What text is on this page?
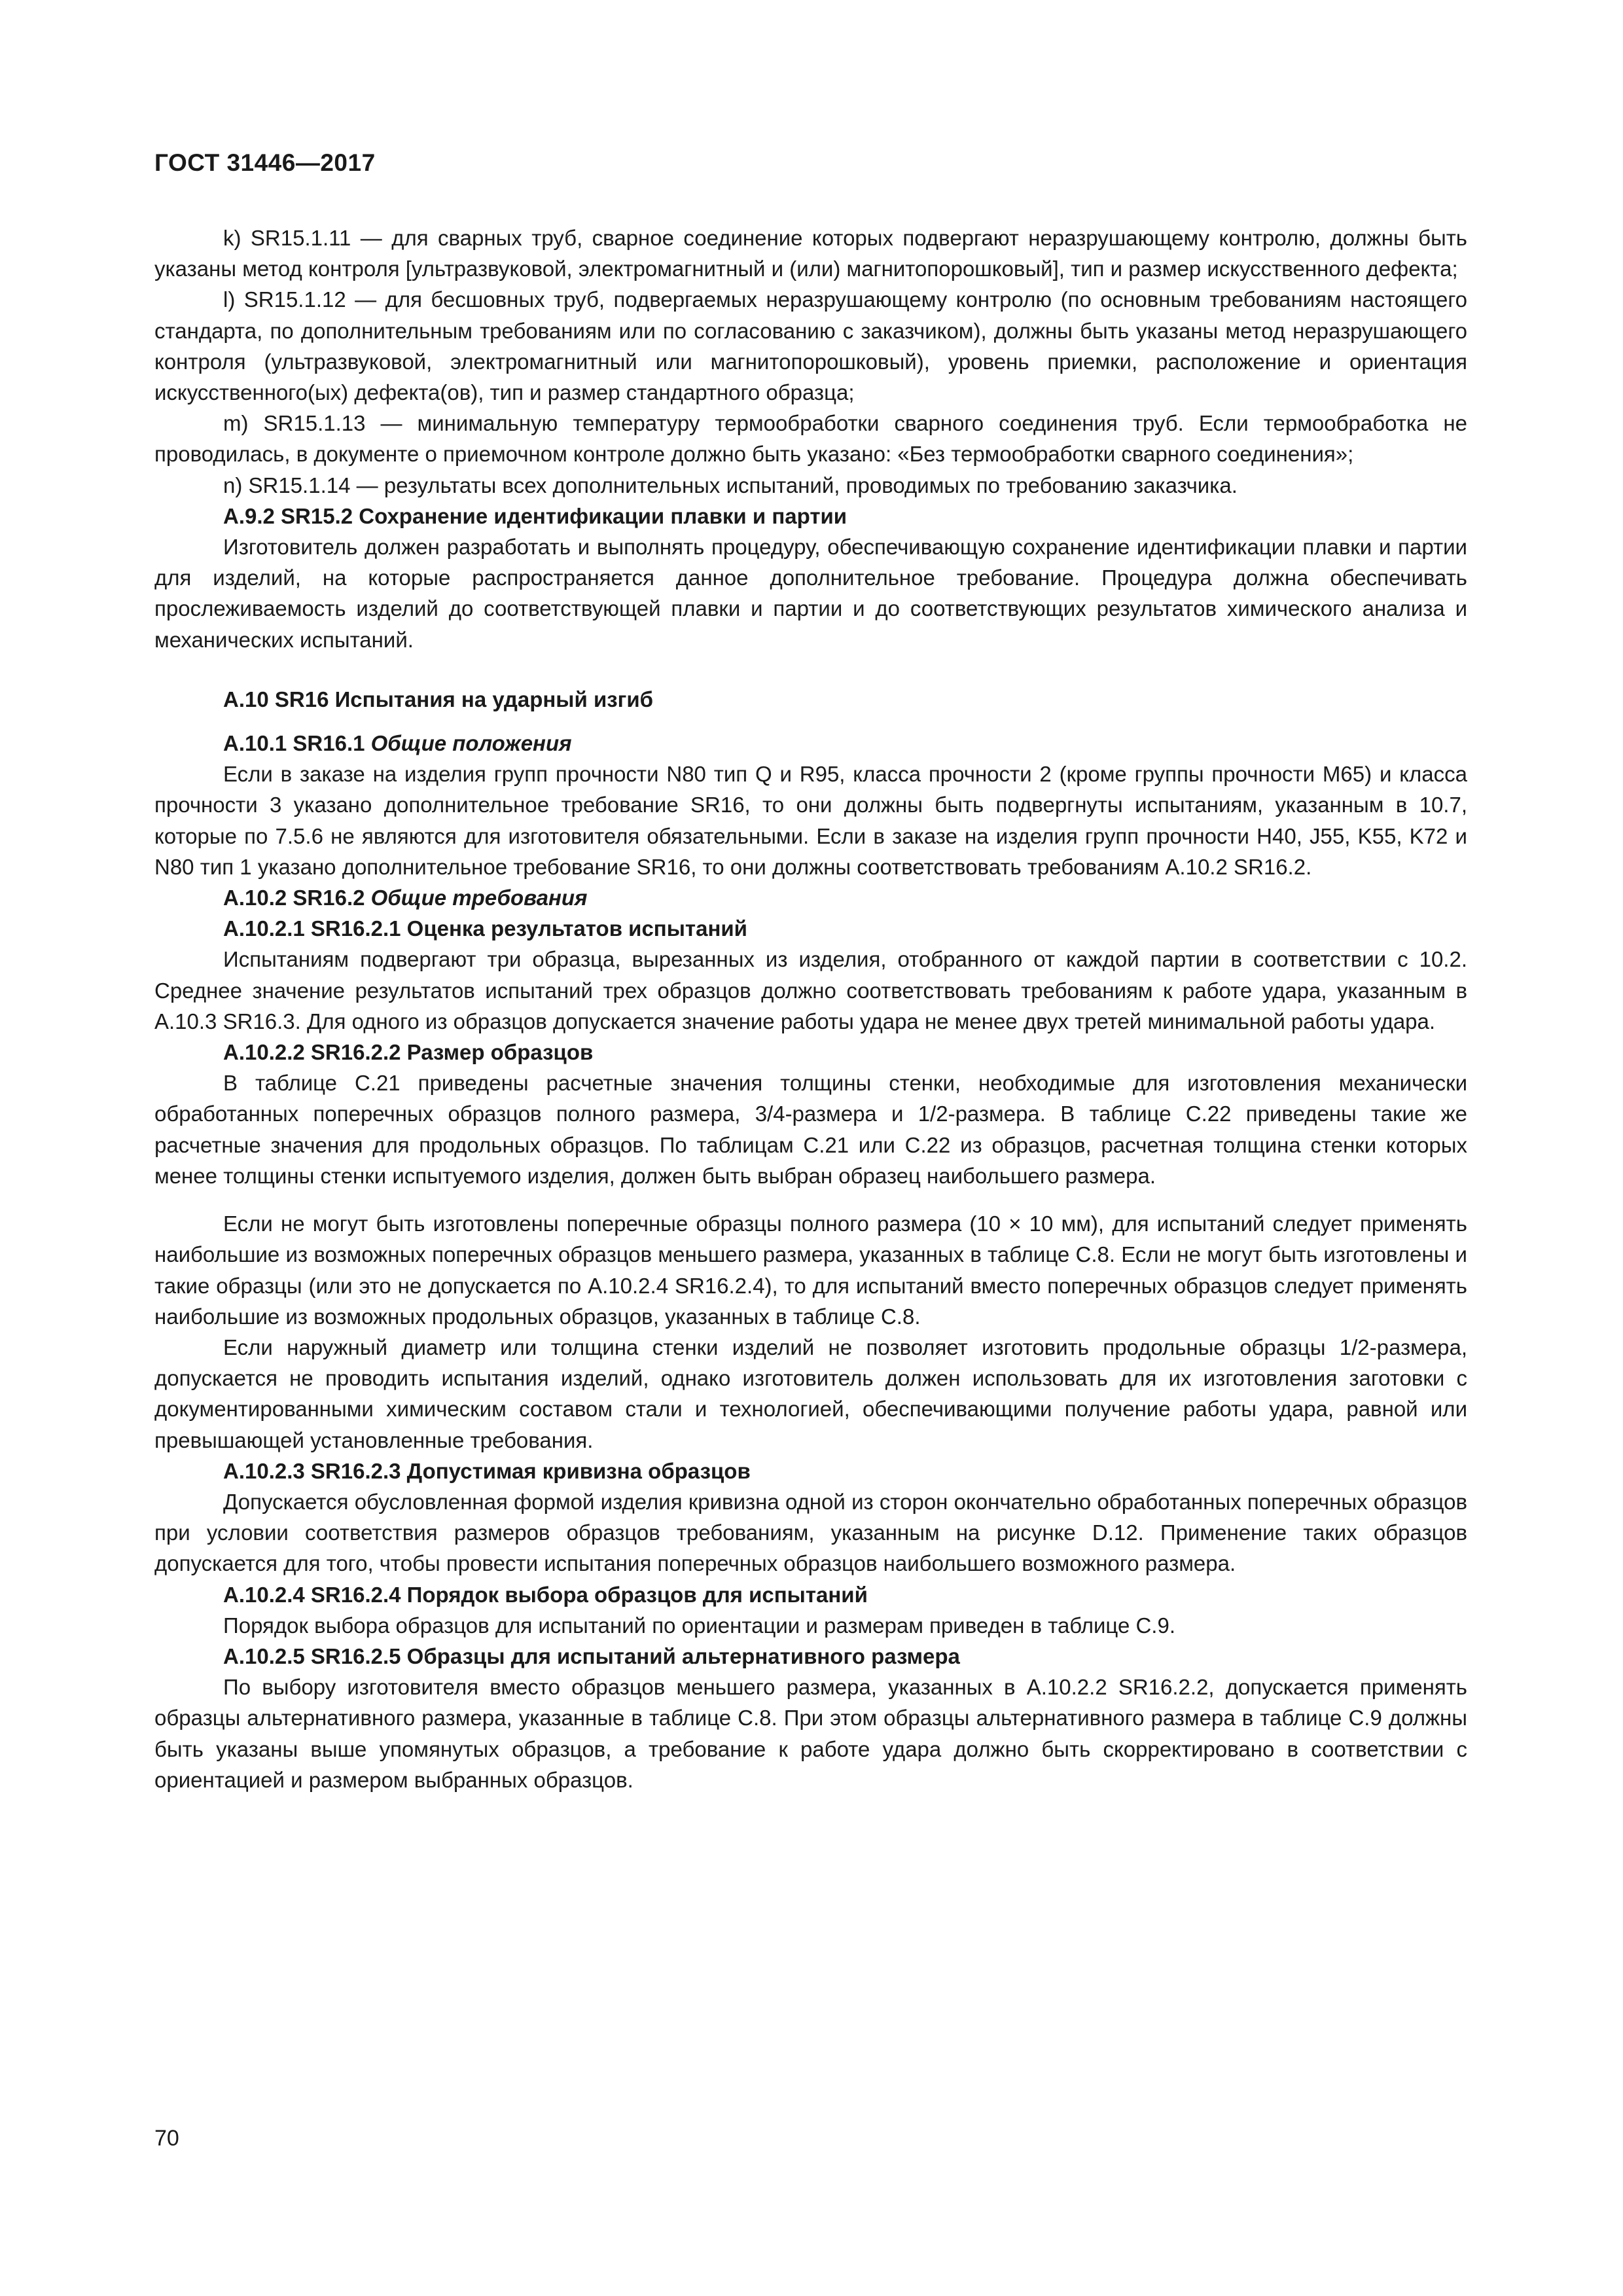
ГОСТ 31446—2017

k) SR15.1.11 — для сварных труб, сварное соединение которых подвергают неразрушающему контролю, должны быть указаны метод контроля [ультразвуковой, электромагнитный и (или) магнитопорошковый], тип и размер искусственного дефекта;

l) SR15.1.12 — для бесшовных труб, подвергаемых неразрушающему контролю (по основным требованиям настоящего стандарта, по дополнительным требованиям или по согласованию с заказчиком), должны быть указаны метод неразрушающего контроля (ультразвуковой, электромагнитный или магнитопорошковый), уровень приемки, расположение и ориентация искусственного(ых) дефекта(ов), тип и размер стандартного образца;

m) SR15.1.13 — минимальную температуру термообработки сварного соединения труб. Если термообработка не проводилась, в документе о приемочном контроле должно быть указано: «Без термообработки сварного соединения»;

n) SR15.1.14 — результаты всех дополнительных испытаний, проводимых по требованию заказчика.

А.9.2 SR15.2 Сохранение идентификации плавки и партии

Изготовитель должен разработать и выполнять процедуру, обеспечивающую сохранение идентификации плавки и партии для изделий, на которые распространяется данное дополнительное требование. Процедура должна обеспечивать прослеживаемость изделий до соответствующей плавки и партии и до соответствующих результатов химического анализа и механических испытаний.

А.10 SR16 Испытания на ударный изгиб

А.10.1 SR16.1 Общие положения

Если в заказе на изделия групп прочности N80 тип Q и R95, класса прочности 2 (кроме группы прочности M65) и класса прочности 3 указано дополнительное требование SR16, то они должны быть подвергнуты испытаниям, указанным в 10.7, которые по 7.5.6 не являются для изготовителя обязательными. Если в заказе на изделия групп прочности Н40, J55, K55, K72 и N80 тип 1 указано дополнительное требование SR16, то они должны соответствовать требованиям А.10.2 SR16.2.

А.10.2 SR16.2 Общие требования

А.10.2.1 SR16.2.1 Оценка результатов испытаний

Испытаниям подвергают три образца, вырезанных из изделия, отобранного от каждой партии в соответствии с 10.2. Среднее значение результатов испытаний трех образцов должно соответствовать требованиям к работе удара, указанным в А.10.3 SR16.3. Для одного из образцов допускается значение работы удара не менее двух третей минимальной работы удара.

А.10.2.2 SR16.2.2 Размер образцов

В таблице С.21 приведены расчетные значения толщины стенки, необходимые для изготовления механически обработанных поперечных образцов полного размера, 3/4-размера и 1/2-размера. В таблице С.22 приведены такие же расчетные значения для продольных образцов. По таблицам С.21 или С.22 из образцов, расчетная толщина стенки которых менее толщины стенки испытуемого изделия, должен быть выбран образец наибольшего размера.

Если не могут быть изготовлены поперечные образцы полного размера (10 × 10 мм), для испытаний следует применять наибольшие из возможных поперечных образцов меньшего размера, указанных в таблице С.8. Если не могут быть изготовлены и такие образцы (или это не допускается по А.10.2.4 SR16.2.4), то для испытаний вместо поперечных образцов следует применять наибольшие из возможных продольных образцов, указанных в таблице С.8.

Если наружный диаметр или толщина стенки изделий не позволяет изготовить продольные образцы 1/2-размера, допускается не проводить испытания изделий, однако изготовитель должен использовать для их изготовления заготовки с документированными химическим составом стали и технологией, обеспечивающими получение работы удара, равной или превышающей установленные требования.

А.10.2.3 SR16.2.3 Допустимая кривизна образцов

Допускается обусловленная формой изделия кривизна одной из сторон окончательно обработанных поперечных образцов при условии соответствия размеров образцов требованиям, указанным на рисунке D.12. Применение таких образцов допускается для того, чтобы провести испытания поперечных образцов наибольшего возможного размера.

А.10.2.4 SR16.2.4 Порядок выбора образцов для испытаний

Порядок выбора образцов для испытаний по ориентации и размерам приведен в таблице С.9.

А.10.2.5 SR16.2.5 Образцы для испытаний альтернативного размера

По выбору изготовителя вместо образцов меньшего размера, указанных в А.10.2.2 SR16.2.2, допускается применять образцы альтернативного размера, указанные в таблице С.8. При этом образцы альтернативного размера в таблице С.9 должны быть указаны выше упомянутых образцов, а требование к работе удара должно быть скорректировано в соответствии с ориентацией и размером выбранных образцов.

70
